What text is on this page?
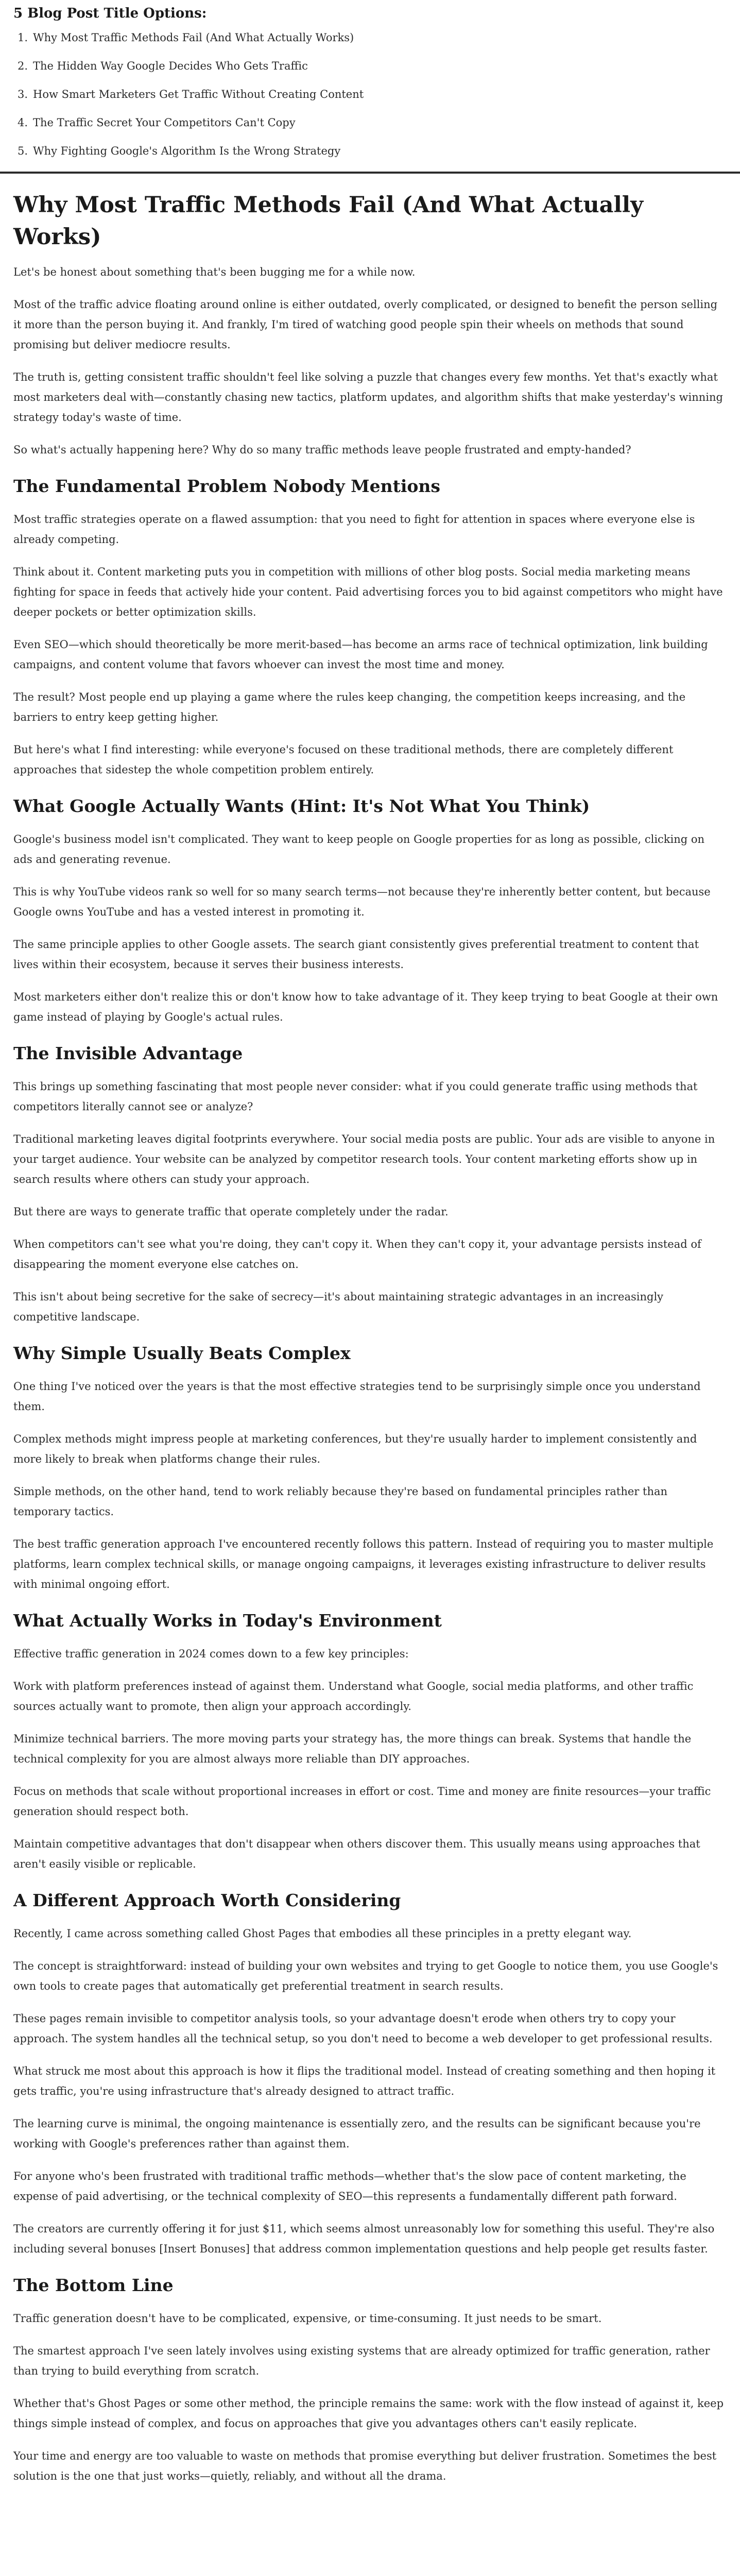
5 Blog Post Title Options:
1. Why Most Traffic Methods Fail (And What Actually Works)
2. The Hidden Way Google Decides Who Gets Traffic
3. How Smart Marketers Get Traffic Without Creating Content
4. The Traffic Secret Your Competitors Can't Copy
5. Why Fighting Google's Algorithm Is the Wrong Strategy
Why Most Traffic Methods Fail (And What Actually Works)

Let's be honest about something that's been bugging me for a while now.

Most of the traffic advice floating around online is either outdated, overly complicated, or designed to benefit the person selling it more than the person buying it. And frankly, I'm tired of watching good people spin their wheels on methods that sound promising but deliver mediocre results.

The truth is, getting consistent traffic shouldn't feel like solving a puzzle that changes every few months. Yet that's exactly what most marketers deal with—constantly chasing new tactics, platform updates, and algorithm shifts that make yesterday's winning strategy today's waste of time.

So what's actually happening here? Why do so many traffic methods leave people frustrated and empty-handed?

The Fundamental Problem Nobody Mentions

Most traffic strategies operate on a flawed assumption: that you need to fight for attention in spaces where everyone else is already competing.

Think about it. Content marketing puts you in competition with millions of other blog posts. Social media marketing means fighting for space in feeds that actively hide your content. Paid advertising forces you to bid against competitors who might have deeper pockets or better optimization skills.

Even SEO—which should theoretically be more merit-based—has become an arms race of technical optimization, link building campaigns, and content volume that favors whoever can invest the most time and money.

The result? Most people end up playing a game where the rules keep changing, the competition keeps increasing, and the barriers to entry keep getting higher.

But here's what I find interesting: while everyone's focused on these traditional methods, there are completely different approaches that sidestep the whole competition problem entirely.

What Google Actually Wants (Hint: It's Not What You Think)

Google's business model isn't complicated. They want to keep people on Google properties for as long as possible, clicking on ads and generating revenue.

This is why YouTube videos rank so well for so many search terms—not because they're inherently better content, but because Google owns YouTube and has a vested interest in promoting it.

The same principle applies to other Google assets. The search giant consistently gives preferential treatment to content that lives within their ecosystem, because it serves their business interests.

Most marketers either don't realize this or don't know how to take advantage of it. They keep trying to beat Google at their own game instead of playing by Google's actual rules.

The Invisible Advantage

This brings up something fascinating that most people never consider: what if you could generate traffic using methods that competitors literally cannot see or analyze?

Traditional marketing leaves digital footprints everywhere. Your social media posts are public. Your ads are visible to anyone in your target audience. Your website can be analyzed by competitor research tools. Your content marketing efforts show up in search results where others can study your approach.

But there are ways to generate traffic that operate completely under the radar.

When competitors can't see what you're doing, they can't copy it. When they can't copy it, your advantage persists instead of disappearing the moment everyone else catches on.

This isn't about being secretive for the sake of secrecy—it's about maintaining strategic advantages in an increasingly competitive landscape.

Why Simple Usually Beats Complex

One thing I've noticed over the years is that the most effective strategies tend to be surprisingly simple once you understand them.

Complex methods might impress people at marketing conferences, but they're usually harder to implement consistently and more likely to break when platforms change their rules.

Simple methods, on the other hand, tend to work reliably because they're based on fundamental principles rather than temporary tactics.

The best traffic generation approach I've encountered recently follows this pattern. Instead of requiring you to master multiple platforms, learn complex technical skills, or manage ongoing campaigns, it leverages existing infrastructure to deliver results with minimal ongoing effort.

What Actually Works in Today's Environment

Effective traffic generation in 2024 comes down to a few key principles:

Work with platform preferences instead of against them. Understand what Google, social media platforms, and other traffic sources actually want to promote, then align your approach accordingly.

Minimize technical barriers. The more moving parts your strategy has, the more things can break. Systems that handle the technical complexity for you are almost always more reliable than DIY approaches.

Focus on methods that scale without proportional increases in effort or cost. Time and money are finite resources—your traffic generation should respect both.

Maintain competitive advantages that don't disappear when others discover them. This usually means using approaches that aren't easily visible or replicable.

A Different Approach Worth Considering

Recently, I came across something called Ghost Pages that embodies all these principles in a pretty elegant way.

The concept is straightforward: instead of building your own websites and trying to get Google to notice them, you use Google's own tools to create pages that automatically get preferential treatment in search results.

These pages remain invisible to competitor analysis tools, so your advantage doesn't erode when others try to copy your approach. The system handles all the technical setup, so you don't need to become a web developer to get professional results.

What struck me most about this approach is how it flips the traditional model. Instead of creating something and then hoping it gets traffic, you're using infrastructure that's already designed to attract traffic.

The learning curve is minimal, the ongoing maintenance is essentially zero, and the results can be significant because you're working with Google's preferences rather than against them.

For anyone who's been frustrated with traditional traffic methods—whether that's the slow pace of content marketing, the expense of paid advertising, or the technical complexity of SEO—this represents a fundamentally different path forward.

The creators are currently offering it for just $11, which seems almost unreasonably low for something this useful. They're also including several bonuses [Insert Bonuses] that address common implementation questions and help people get results faster.

The Bottom Line

Traffic generation doesn't have to be complicated, expensive, or time-consuming. It just needs to be smart.

The smartest approach I've seen lately involves using existing systems that are already optimized for traffic generation, rather than trying to build everything from scratch.

Whether that's Ghost Pages or some other method, the principle remains the same: work with the flow instead of against it, keep things simple instead of complex, and focus on approaches that give you advantages others can't easily replicate.

Your time and energy are too valuable to waste on methods that promise everything but deliver frustration. Sometimes the best solution is the one that just works—quietly, reliably, and without all the drama.
